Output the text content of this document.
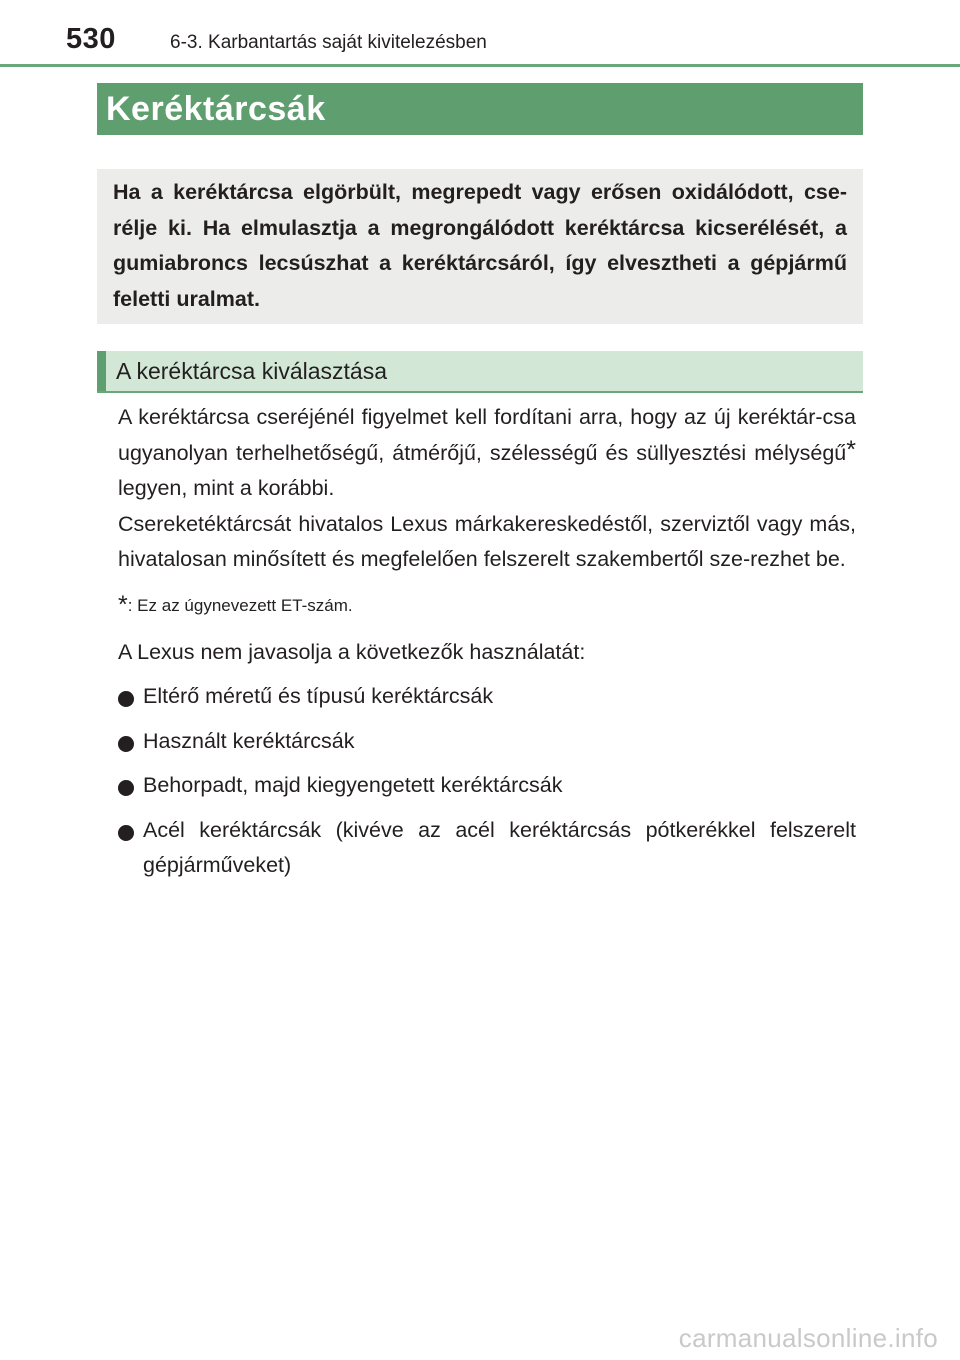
530	6-3. Karbantartás saját kivitelezésben
Keréktárcsák

Ha a keréktárcsa elgörbült, megrepedt vagy erősen oxidálódott, cse-rélje ki. Ha elmulasztja a megrongálódott keréktárcsa kicserélését, a gumiabroncs lecsúszhat a keréktárcsáról, így elvesztheti a gépjármű feletti uralmat.

A keréktárcsa kiválasztása

A keréktárcsa cseréjénél figyelmet kell fordítani arra, hogy az új keréktár-csa ugyanolyan terhelhetőségű, átmérőjű, szélességű és süllyesztési mélységű* legyen, mint a korábbi.

Csereketéktárcsát hivatalos Lexus márkakereskedéstől, szerviztől vagy más, hivatalosan minősített és megfelelően felszerelt szakembertől sze-rezhet be.

*: Ez az úgynevezett ET-szám.

A Lexus nem javasolja a következők használatát:

Eltérő méretű és típusú keréktárcsák
Használt keréktárcsák
Behorpadt, majd kiegyengetett keréktárcsák
Acél keréktárcsák (kivéve az acél keréktárcsás pótkerékkel felszerelt gépjárműveket)
carmanualsonline.info
